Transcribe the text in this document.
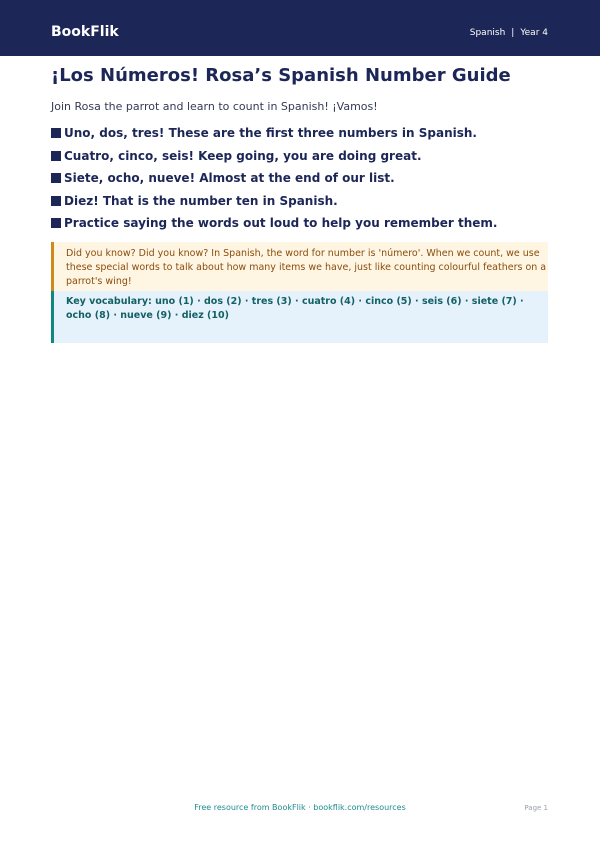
BookFlik	Spanish | Year 4
¡Los Números! Rosa’s Spanish Number Guide
Join Rosa the parrot and learn to count in Spanish! ¡Vamos!
Uno, dos, tres! These are the first three numbers in Spanish.
Cuatro, cinco, seis! Keep going, you are doing great.
Siete, ocho, nueve! Almost at the end of our list.
Diez! That is the number ten in Spanish.
Practice saying the words out loud to help you remember them.
Did you know? Did you know? In Spanish, the word for number is 'número'. When we count, we use these special words to talk about how many items we have, just like counting colourful feathers on a parrot's wing!
Key vocabulary: uno (1) · dos (2) · tres (3) · cuatro (4) · cinco (5) · seis (6) · siete (7) · ocho (8) · nueve (9) · diez (10)
Free resource from BookFlik · bookflik.com/resources	Page 1
